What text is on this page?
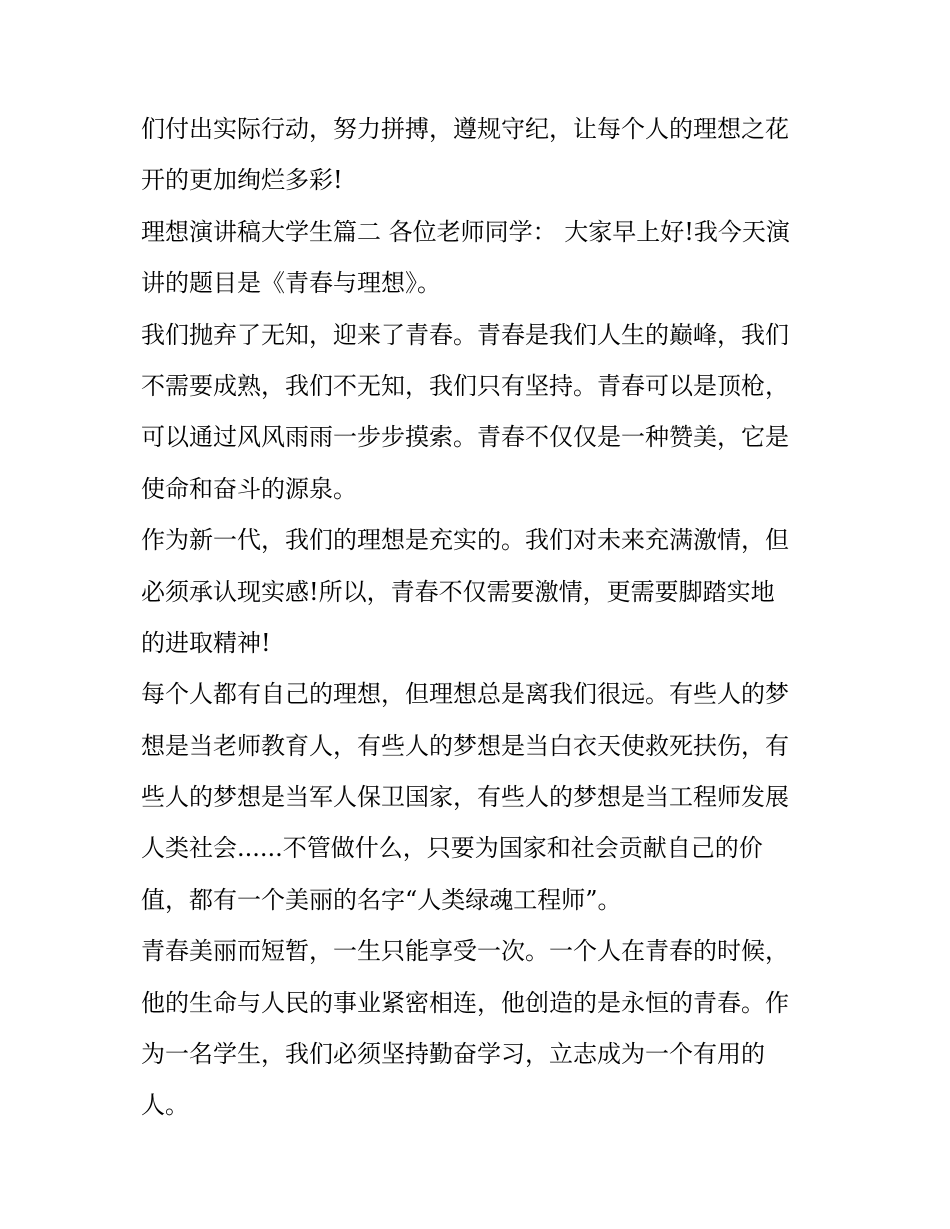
们付出实际行动，努力拼搏，遵规守纪，让每个人的理想之花
开的更加绚烂多彩!
理想演讲稿大学生篇二 各位老师同学： 大家早上好!我今天演
讲的题目是《青春与理想》。
我们抛弃了无知，迎来了青春。青春是我们人生的巅峰，我们
不需要成熟，我们不无知，我们只有坚持。青春可以是顶枪，
可以通过风风雨雨一步步摸索。青春不仅仅是一种赞美，它是
使命和奋斗的源泉。
作为新一代，我们的理想是充实的。我们对未来充满激情，但
必须承认现实感!所以，青春不仅需要激情，更需要脚踏实地
的进取精神!
每个人都有自己的理想，但理想总是离我们很远。有些人的梦
想是当老师教育人，有些人的梦想是当白衣天使救死扶伤，有
些人的梦想是当军人保卫国家，有些人的梦想是当工程师发展
人类社会......不管做什么，只要为国家和社会贡献自己的价
值，都有一个美丽的名字“人类绿魂工程师”。
青春美丽而短暂，一生只能享受一次。一个人在青春的时候，
他的生命与人民的事业紧密相连，他创造的是永恒的青春。作
为一名学生，我们必须坚持勤奋学习，立志成为一个有用的
人。
